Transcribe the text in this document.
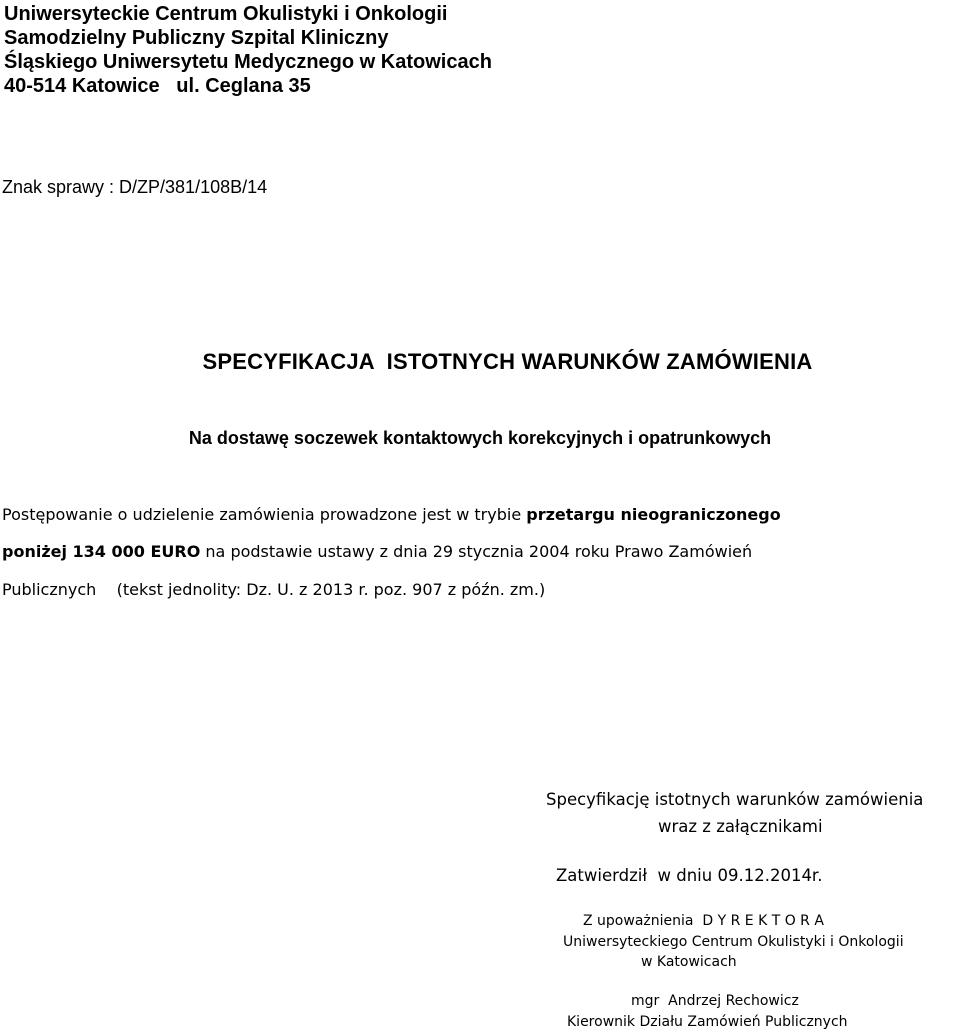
Uniwersyteckie Centrum Okulistyki i Onkologii
Samodzielny Publiczny Szpital Kliniczny
Śląskiego Uniwersytetu Medycznego w Katowicach
40-514 Katowice   ul. Ceglana 35
Znak sprawy : D/ZP/381/108B/14
SPECYFIKACJA  ISTOTNYCH WARUNKÓW ZAMÓWIENIA
Na dostawę soczewek kontaktowych korekcyjnych i opatrunkowych
Postępowanie o udzielenie zamówienia prowadzone jest w trybie przetargu nieograniczonego
poniżej 134 000 EURO na podstawie ustawy z dnia 29 stycznia 2004 roku Prawo Zamówień
Publicznych    (tekst jednolity: Dz. U. z 2013 r. poz. 907 z późn. zm.)
Specyfikację istotnych warunków zamówienia
wraz z załącznikami
Zatwierdził  w dniu 09.12.2014r.
Z upoważnienia  D Y R E K T O R A
Uniwersyteckiego Centrum Okulistyki i Onkologii
w Katowicach
mgr  Andrzej Rechowicz
Kierownik Działu Zamówień Publicznych
